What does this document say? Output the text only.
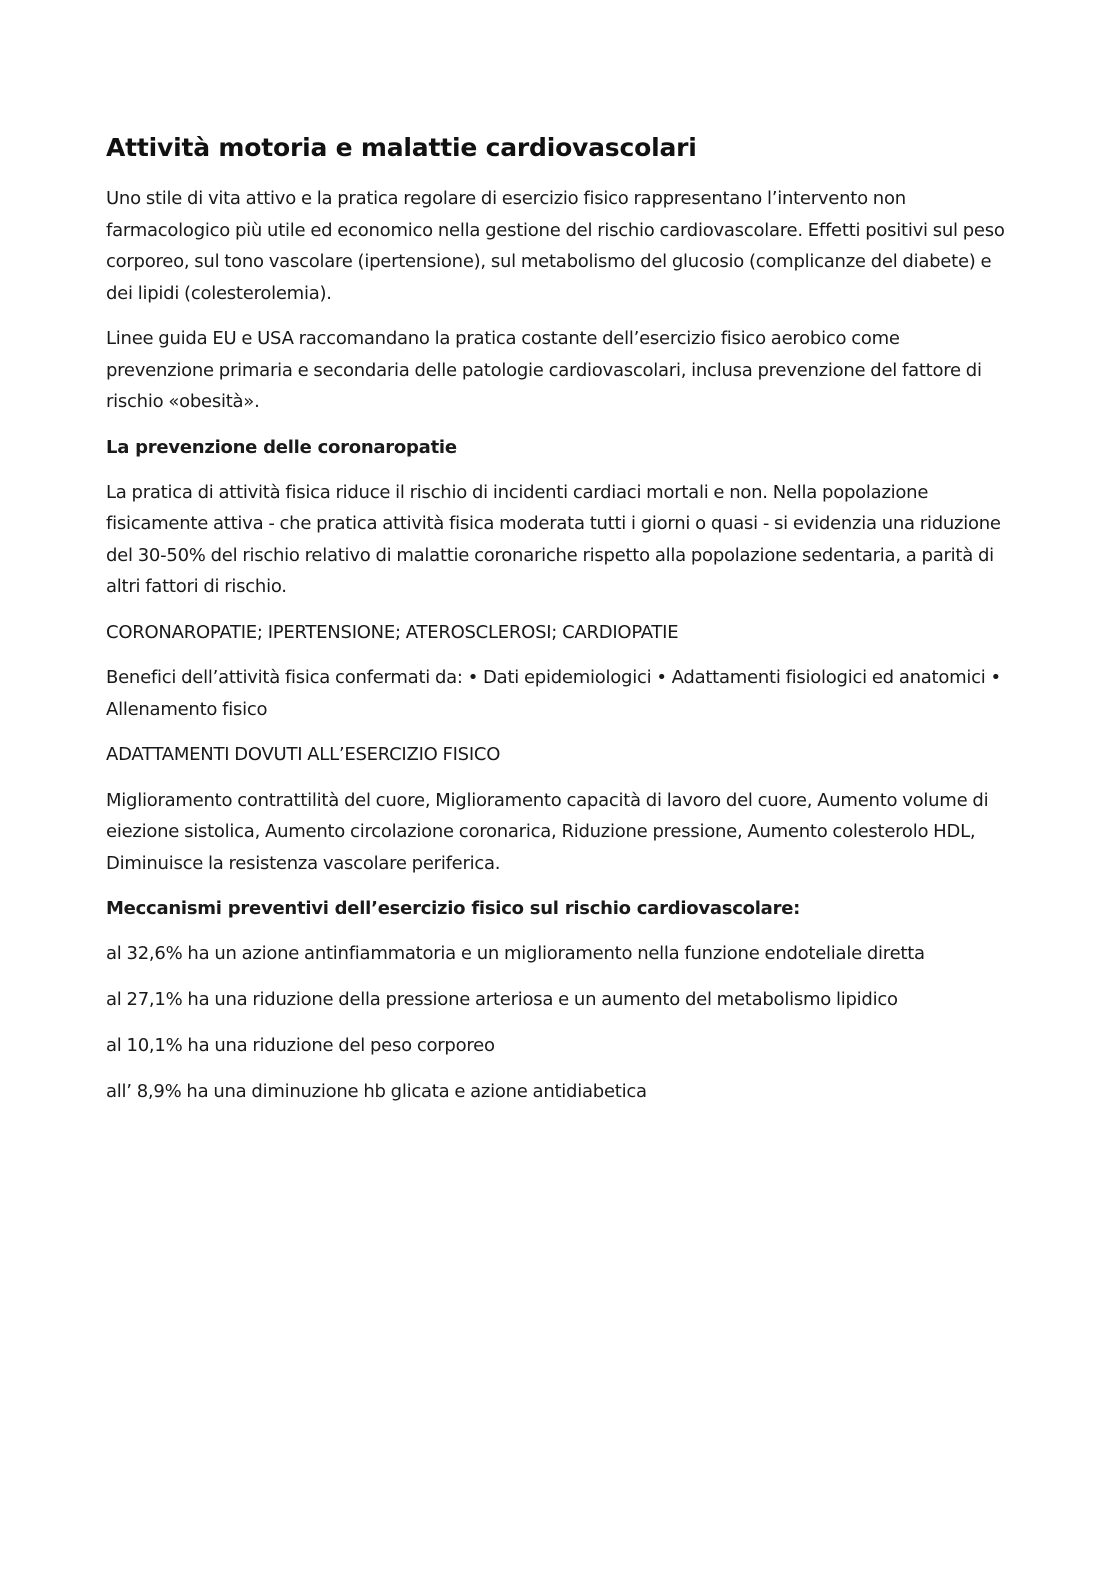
Attività motoria e malattie cardiovascolari

Uno stile di vita attivo e la pratica regolare di esercizio fisico rappresentano l’intervento non farmacologico più utile ed economico nella gestione del rischio cardiovascolare. Effetti positivi sul peso corporeo, sul tono vascolare (ipertensione), sul metabolismo del glucosio (complicanze del diabete) e dei lipidi (colesterolemia).

Linee guida EU e USA raccomandano la pratica costante dell’esercizio fisico aerobico come prevenzione primaria e secondaria delle patologie cardiovascolari, inclusa prevenzione del fattore di rischio «obesità».

La prevenzione delle coronaropatie

La pratica di attività fisica riduce il rischio di incidenti cardiaci mortali e non. Nella popolazione fisicamente attiva - che pratica attività fisica moderata tutti i giorni o quasi - si evidenzia una riduzione del 30-50% del rischio relativo di malattie coronariche rispetto alla popolazione sedentaria, a parità di altri fattori di rischio.

CORONAROPATIE; IPERTENSIONE; ATEROSCLEROSI; CARDIOPATIE

Benefici dell’attività fisica confermati da: • Dati epidemiologici • Adattamenti fisiologici ed anatomici • Allenamento fisico

ADATTAMENTI DOVUTI ALL’ESERCIZIO FISICO

Miglioramento contrattilità del cuore, Miglioramento capacità di lavoro del cuore, Aumento volume di eiezione sistolica, Aumento circolazione coronarica, Riduzione pressione, Aumento colesterolo HDL, Diminuisce la resistenza vascolare periferica.

Meccanismi preventivi dell’esercizio fisico sul rischio cardiovascolare:

al 32,6% ha un azione antinfiammatoria e un miglioramento nella funzione endoteliale diretta

al 27,1% ha una riduzione della pressione arteriosa e un aumento del metabolismo lipidico

al 10,1% ha una riduzione del peso corporeo

all’ 8,9% ha una diminuzione hb glicata e azione antidiabetica
